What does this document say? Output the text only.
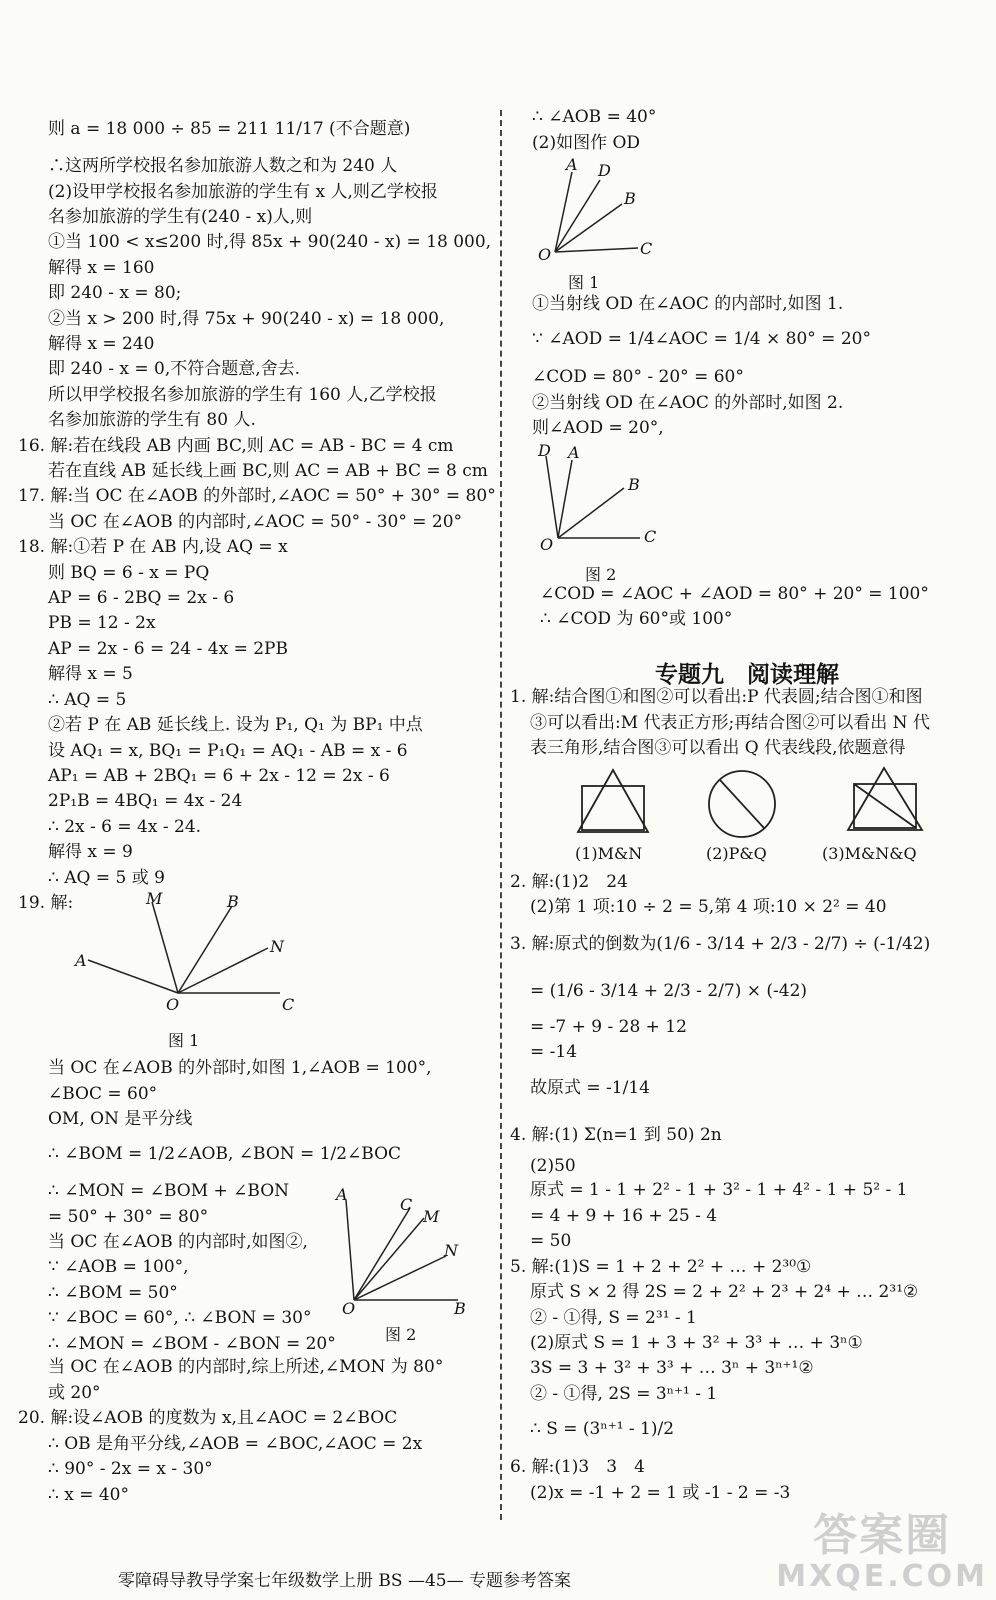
则 a = 18 000 ÷ 85 = 211 11/17 (不合题意)
∴这两所学校报名参加旅游人数之和为 240 人
(2)设甲学校报名参加旅游的学生有 x 人,则乙学校报
名参加旅游的学生有(240 - x)人,则
①当 100 < x≤200 时,得 85x + 90(240 - x) = 18 000,
解得 x = 160
即 240 - x = 80;
②当 x > 200 时,得 75x + 90(240 - x) = 18 000,
解得 x = 240
即 240 - x = 0,不符合题意,舍去.
所以甲学校报名参加旅游的学生有 160 人,乙学校报
名参加旅游的学生有 80 人.
16. 解:若在线段 AB 内画 BC,则 AC = AB - BC = 4 cm
若在直线 AB 延长线上画 BC,则 AC = AB + BC = 8 cm
17. 解:当 OC 在∠AOB 的外部时,∠AOC = 50° + 30° = 80°
当 OC 在∠AOB 的内部时,∠AOC = 50° - 30° = 20°
18. 解:①若 P 在 AB 内,设 AQ = x
则 BQ = 6 - x = PQ
AP = 6 - 2BQ = 2x - 6
PB = 12 - 2x
AP = 2x - 6 = 24 - 4x = 2PB
解得 x = 5
∴ AQ = 5
②若 P 在 AB 延长线上. 设为 P₁, Q₁ 为 BP₁ 中点
设 AQ₁ = x, BQ₁ = P₁Q₁ = AQ₁ - AB = x - 6
AP₁ = AB + 2BQ₁ = 6 + 2x - 12 = 2x - 6
2P₁B = 4BQ₁ = 4x - 24
∴ 2x - 6 = 4x - 24.
解得 x = 9
∴ AQ = 5 或 9
19. 解:
A
M	B
N
C
O
图 1
当 OC 在∠AOB 的外部时,如图 1,∠AOB = 100°,
∠BOC = 60°
OM, ON 是平分线
∴ ∠BOM = 1/2∠AOB, ∠BON = 1/2∠BOC
∴ ∠MON = ∠BOM + ∠BON
= 50° + 30° = 80°
当 OC 在∠AOB 的内部时,如图②,
∵ ∠AOB = 100°,
∴ ∠BOM = 50°
∵ ∠BOC = 60°, ∴ ∠BON = 30°
∴ ∠MON = ∠BOM - ∠BON = 20°
当 OC 在∠AOB 的内部时,综上所述,∠MON 为 80°
或 20°
20. 解:设∠AOB 的度数为 x,且∠AOC = 2∠BOC
∴ OB 是角平分线,∠AOB = ∠BOC,∠AOC = 2x
∴ 90° - 2x = x - 30°
∴ x = 40°
A
C
M
N
B
O
图 2
∴ ∠AOB = 40°
(2)如图作 OD
A D
B
C
O
图 1
①当射线 OD 在∠AOC 的内部时,如图 1.
∵ ∠AOD = 1/4∠AOC = 1/4 × 80° = 20°
∠COD = 80° - 20° = 60°
②当射线 OD 在∠AOC 的外部时,如图 2.
则∠AOD = 20°,
D A
B
C
O
图 2
∠COD = ∠AOC + ∠AOD = 80° + 20° = 100°
∴ ∠COD 为 60°或 100°
专题九　阅读理解
1. 解:结合图①和图②可以看出:P 代表圆;结合图①和图
③可以看出:M 代表正方形;再结合图②可以看出 N 代
表三角形,结合图③可以看出 Q 代表线段,依题意得
(1)M&N	(2)P&Q	(3)M&N&Q
2. 解:(1)2　24
(2)第 1 项:10 ÷ 2 = 5,第 4 项:10 × 2² = 40
3. 解:原式的倒数为(1/6 - 3/14 + 2/3 - 2/7) ÷ (-1/42)
= (1/6 - 3/14 + 2/3 - 2/7) × (-42)
= -7 + 9 - 28 + 12
= -14
故原式 = -1/14
4. 解:(1) Σ(n=1 到 50) 2n
(2)50
原式 = 1 - 1 + 2² - 1 + 3² - 1 + 4² - 1 + 5² - 1
= 4 + 9 + 16 + 25 - 4
= 50
5. 解:(1)S = 1 + 2 + 2² + … + 2³⁰①
原式 S × 2 得 2S = 2 + 2² + 2³ + 2⁴ + … 2³¹②
② - ①得, S = 2³¹ - 1
(2)原式 S = 1 + 3 + 3² + 3³ + … + 3ⁿ①
3S = 3 + 3² + 3³ + … 3ⁿ + 3ⁿ⁺¹②
② - ①得, 2S = 3ⁿ⁺¹ - 1
∴ S = (3ⁿ⁺¹ - 1)/2
6. 解:(1)3　3　4
(2)x = -1 + 2 = 1 或 -1 - 2 = -3
零障碍导教导学案七年级数学上册 BS —45— 专题参考答案
答案圈
MXQE.COM
